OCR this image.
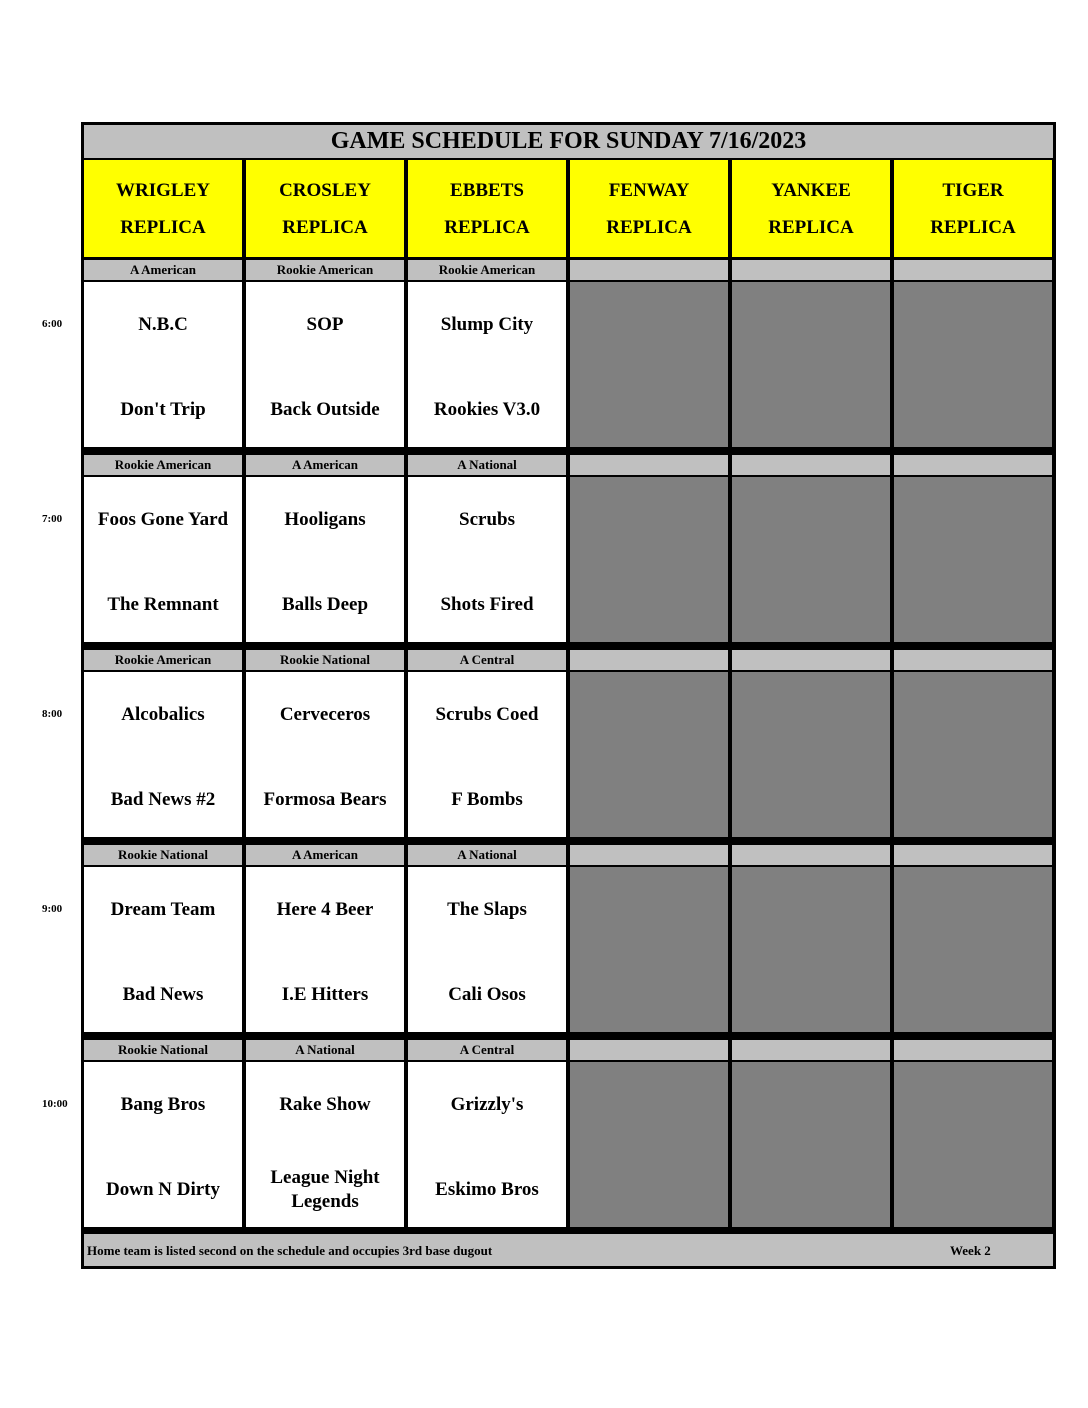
6:00
7:00
8:00
9:00
10:00
GAME SCHEDULE FOR SUNDAY 7/16/2023
Home team is listed second on the schedule and occupies 3rd base dugout	Week 2
WRIGLEY
REPLICA
CROSLEY
REPLICA
EBBETS
REPLICA
FENWAY
REPLICA
YANKEE
REPLICA
TIGER
REPLICA
A American
N.B.C
Don't Trip
Rookie American
SOP
Back Outside
Rookie American
Slump City
Rookies V3.0
Rookie American
Foos Gone Yard
The Remnant
A American
Hooligans
Balls Deep
A National
Scrubs
Shots Fired
Rookie American
Alcobalics
Bad News #2
Rookie National
Cerveceros
Formosa Bears
A Central
Scrubs Coed
F Bombs
Rookie National
Dream Team
Bad News
A American
Here 4 Beer
I.E Hitters
A National
The Slaps
Cali Osos
Rookie National
Bang Bros
Down N Dirty
A National
Rake Show
League Night
Legends
A Central
Grizzly's
Eskimo Bros
